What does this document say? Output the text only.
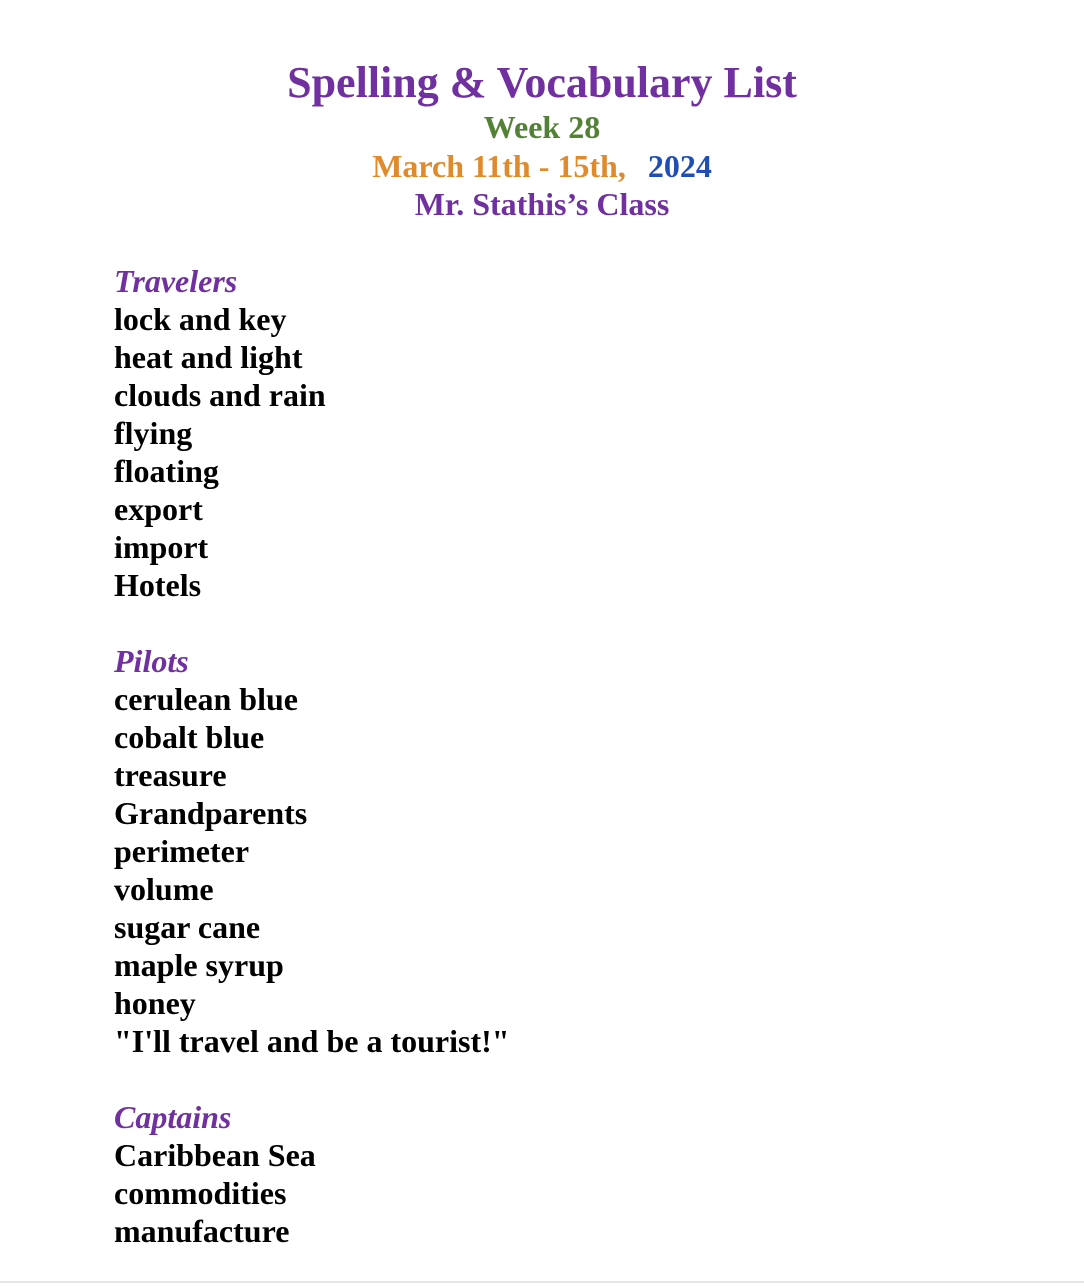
Spelling & Vocabulary List
Week 28
March 11th - 15th, 2024
Mr. Stathis’s Class
Travelers
lock and key
heat and light
clouds and rain
flying
floating
export
import
Hotels
Pilots
cerulean blue
cobalt blue
treasure
Grandparents
perimeter
volume
sugar cane
maple syrup
honey
"I'll travel and be a tourist!"
Captains
Caribbean Sea
commodities
manufacture
